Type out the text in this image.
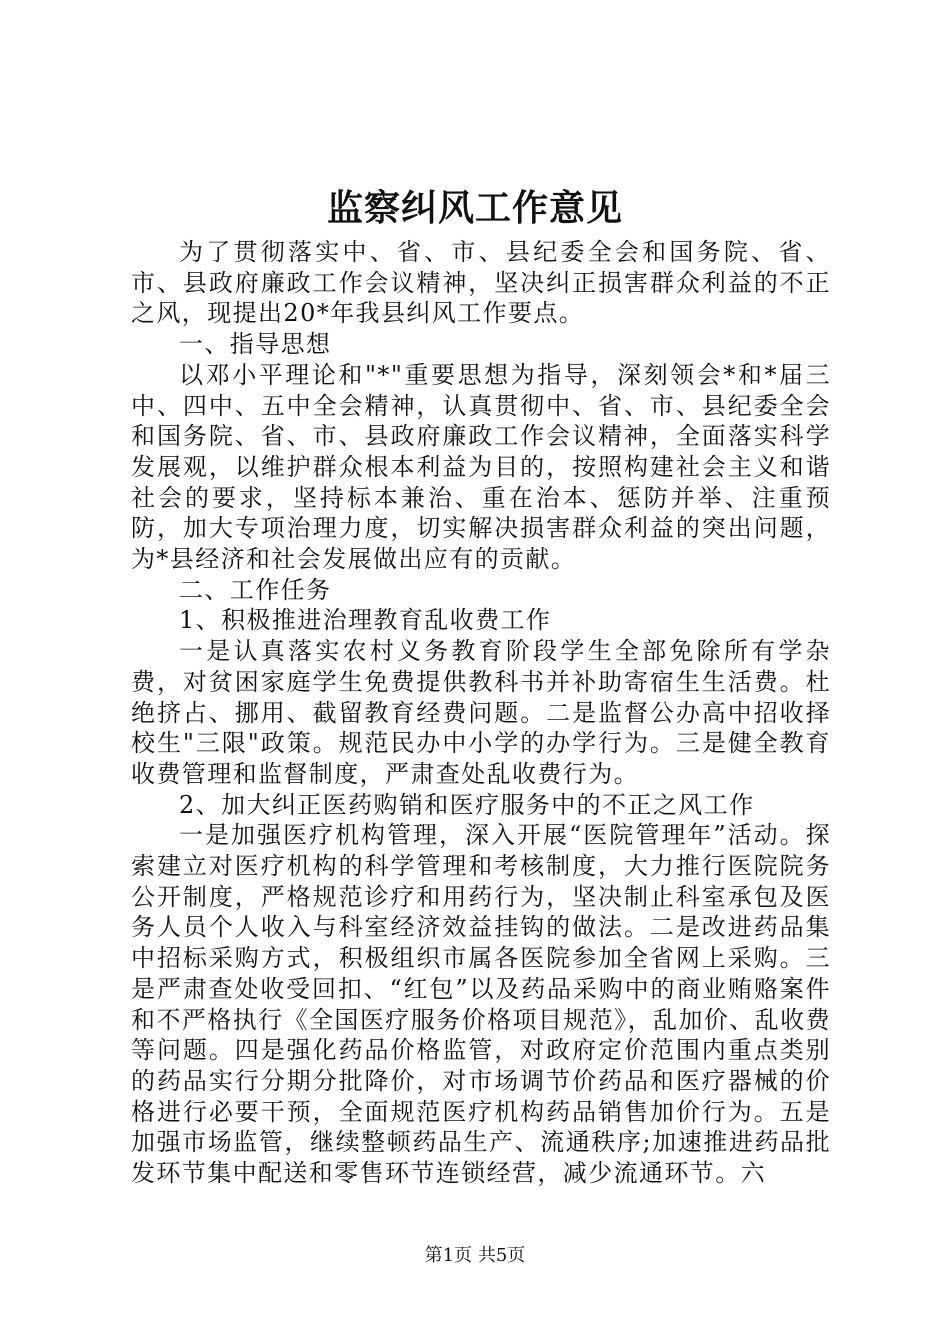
监察纠风工作意见

为了贯彻落实中、省、市、县纪委全会和国务院、省、市、县政府廉政工作会议精神，坚决纠正损害群众利益的不正之风，现提出20*年我县纠风工作要点。

一、指导思想

以邓小平理论和"*"重要思想为指导，深刻领会*和*届三中、四中、五中全会精神，认真贯彻中、省、市、县纪委全会和国务院、省、市、县政府廉政工作会议精神，全面落实科学发展观，以维护群众根本利益为目的，按照构建社会主义和谐社会的要求，坚持标本兼治、重在治本、惩防并举、注重预防，加大专项治理力度，切实解决损害群众利益的突出问题，为*县经济和社会发展做出应有的贡献。

二、工作任务

1、积极推进治理教育乱收费工作

一是认真落实农村义务教育阶段学生全部免除所有学杂费，对贫困家庭学生免费提供教科书并补助寄宿生生活费。杜绝挤占、挪用、截留教育经费问题。二是监督公办高中招收择校生"三限"政策。规范民办中小学的办学行为。三是健全教育收费管理和监督制度，严肃查处乱收费行为。

2、加大纠正医药购销和医疗服务中的不正之风工作

一是加强医疗机构管理，深入开展“医院管理年”活动。探索建立对医疗机构的科学管理和考核制度，大力推行医院院务公开制度，严格规范诊疗和用药行为，坚决制止科室承包及医务人员个人收入与科室经济效益挂钩的做法。二是改进药品集中招标采购方式，积极组织市属各医院参加全省网上采购。三是严肃查处收受回扣、“红包”以及药品采购中的商业贿赂案件和不严格执行《全国医疗服务价格项目规范》，乱加价、乱收费等问题。四是强化药品价格监管，对政府定价范围内重点类别的药品实行分期分批降价，对市场调节价药品和医疗器械的价格进行必要干预，全面规范医疗机构药品销售加价行为。五是加强市场监管，继续整顿药品生产、流通秩序;加速推进药品批发环节集中配送和零售环节连锁经营，减少流通环节。六

第1页 共5页
